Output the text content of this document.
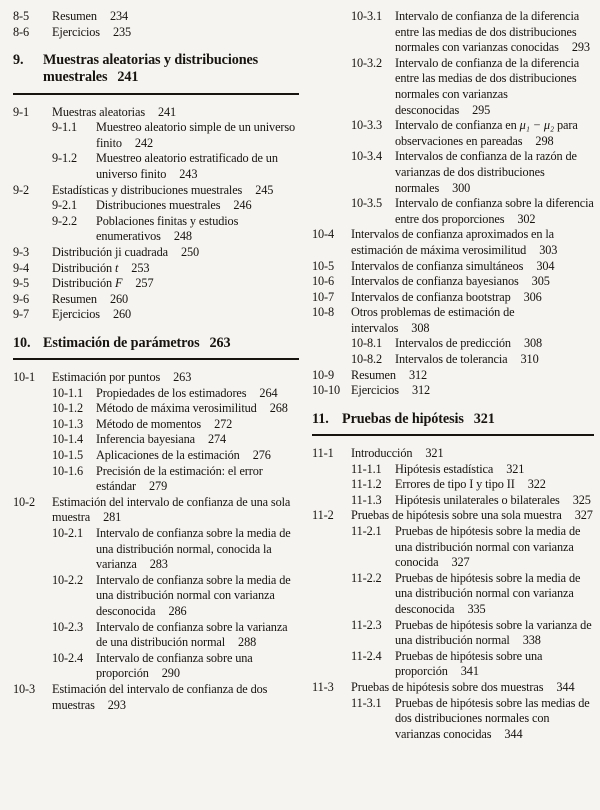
8-5	Resumen 234
8-6	Ejercicios 235
9.	Muestras aleatorias y distribuciones muestrales 241
9-1	Muestras aleatorias 241
9-1.1	Muestreo aleatorio simple de un universo finito 242
9-1.2	Muestreo aleatorio estratificado de un universo finito 243
9-2	Estadísticas y distribuciones muestrales 245
9-2.1	Distribuciones muestrales 246
9-2.2	Poblaciones finitas y estudios enumerativos 248
9-3	Distribución ji cuadrada 250
9-4	Distribución t 253
9-5	Distribución F 257
9-6	Resumen 260
9-7	Ejercicios 260
10. Estimación de parámetros 263
10-1	Estimación por puntos 263
10-1.1	Propiedades de los estimadores 264
10-1.2	Método de máxima verosimilitud 268
10-1.3	Método de momentos 272
10-1.4	Inferencia bayesiana 274
10-1.5	Aplicaciones de la estimación 276
10-1.6	Precisión de la estimación: el error estándar 279
10-2	Estimación del intervalo de confianza de una sola muestra 281
10-2.1	Intervalo de confianza sobre la media de una distribución normal, conocida la varianza 283
10-2.2	Intervalo de confianza sobre la media de una distribución normal con varianza desconocida 286
10-2.3	Intervalo de confianza sobre la varianza de una distribución normal 288
10-2.4	Intervalo de confianza sobre una proporción 290
10-3	Estimación del intervalo de confianza de dos muestras 293
10-3.1	Intervalo de confianza de la diferencia entre las medias de dos distribuciones normales con varianzas conocidas 293
10-3.2	Intervalo de confianza de la diferencia entre las medias de dos distribuciones normales con varianzas desconocidas 295
10-3.3	Intervalo de confianza en μ₁ − μ₂ para observaciones en pareadas 298
10-3.4	Intervalos de confianza de la razón de varianzas de dos distribuciones normales 300
10-3.5	Intervalo de confianza sobre la diferencia entre dos proporciones 302
10-4	Intervalos de confianza aproximados en la estimación de máxima verosimilitud 303
10-5	Intervalos de confianza simultáneos 304
10-6	Intervalos de confianza bayesianos 305
10-7	Intervalos de confianza bootstrap 306
10-8	Otros problemas de estimación de intervalos 308
10-8.1	Intervalos de predicción 308
10-8.2	Intervalos de tolerancia 310
10-9	Resumen 312
10-10 Ejercicios 312
11. Pruebas de hipótesis 321
11-1	Introducción 321
11-1.1	Hipótesis estadística 321
11-1.2	Errores de tipo I y tipo II 322
11-1.3	Hipótesis unilaterales o bilaterales 325
11-2	Pruebas de hipótesis sobre una sola muestra 327
11-2.1	Pruebas de hipótesis sobre la media de una distribución normal con varianza conocida 327
11-2.2	Pruebas de hipótesis sobre la media de una distribución normal con varianza desconocida 335
11-2.3	Pruebas de hipótesis sobre la varianza de una distribución normal 338
11-2.4	Pruebas de hipótesis sobre una proporción 341
11-3	Pruebas de hipótesis sobre dos muestras 344
11-3.1	Pruebas de hipótesis sobre las medias de dos distribuciones normales con varianzas conocidas 344
